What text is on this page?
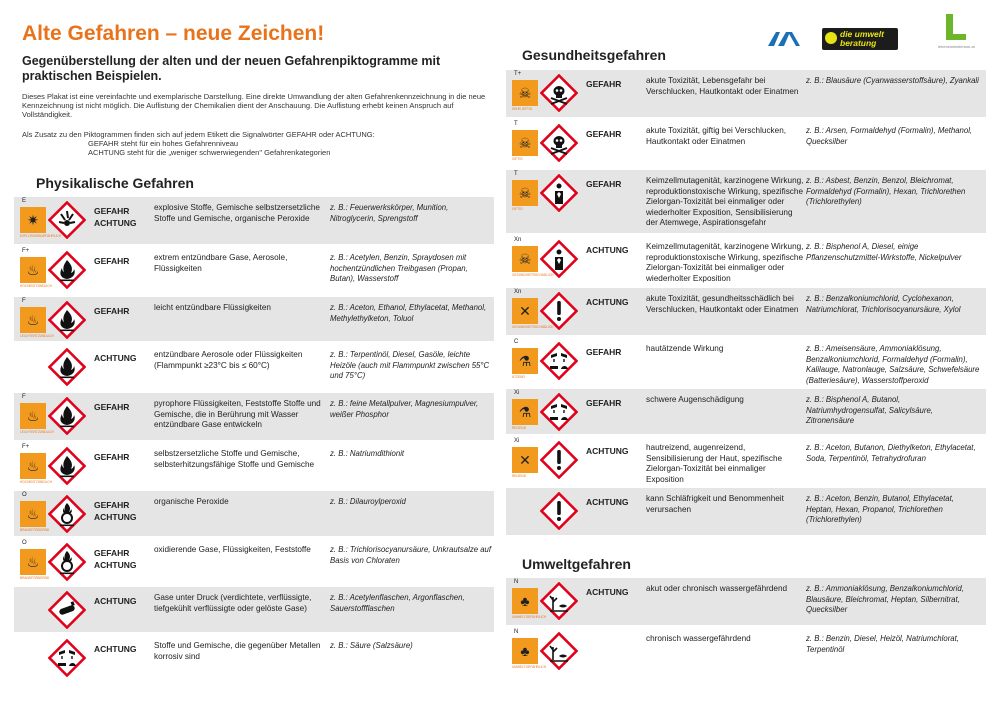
Alte Gefahren – neue Zeichen!
Gegenüberstellung der alten und der neuen Gefahrenpiktogramme mit praktischen Beispielen.
Dieses Plakat ist eine vereinfachte und exemplarische Darstellung. Eine direkte Umwandlung der alten Gefahrenkennzeichnung in die neue Kennzeichnung ist nicht möglich. Die Auflistung der Chemikalien dient der Anschauung. Die Auflistung erhebt keinen Anspruch auf Vollständigkeit.
Als Zusatz zu den Piktogrammen finden sich auf jedem Etikett die Signalwörter GEFAHR oder ACHTUNG:
GEFAHR steht für ein hohes Gefahrenniveau
ACHTUNG steht für die „weniger schwerwiegenden" Gefahrenkategorien
die umwelt beratung	lebensministerium.at
Physikalische Gefahren
Gesundheitsgefahren
Umweltgefahren
✷
E
EXPLOSIONSGEFÄHRLICH
GEFAHR
ACHTUNG
explosive Stoffe, Gemische selbstzersetzliche Stoffe und Gemische, organische Peroxide
z. B.: Feuerwerkskörper, Munition, Nitroglycerin, Sprengstoff
♨
F+
HOCHENTZÜNDLICH
GEFAHR	extrem entzündbare Gase, Aerosole, Flüssigkeiten
z. B.: Acetylen, Benzin, Spraydosen mit hochentzündlichen Treibgasen (Propan, Butan), Wasserstoff
♨
F
LEICHTENTZÜNDLICH
GEFAHR	leicht entzündbare Flüssigkeiten	z. B.: Aceton, Ethanol, Ethylacetat, Methanol, Methylethylketon, Toluol
ACHTUNG entzündbare Aerosole oder Flüssigkeiten (Flammpunkt ≥23°C bis ≤ 60°C)
z. B.: Terpentinöl, Diesel, Gasöle, leichte Heizöle (auch mit Flammpunkt zwischen 55°C und 75°C)
♨
F
LEICHTENTZÜNDLICH
GEFAHR	pyrophore Flüssigkeiten, Feststoffe Stoffe und Gemische, die in Berührung mit Wasser entzündbare Gase entwickeln
z. B.: feine Metallpulver, Magnesiumpulver, weißer Phosphor
♨
F+
HOCHENTZÜNDLICH
GEFAHR	selbstzersetzliche Stoffe und Gemische, selbsterhitzungsfähige Stoffe und Gemische
z. B.: Natriumdithionit
♨
O
BRANDFÖRDERND
GEFAHR
ACHTUNG
organische Peroxide	z. B.: Dilauroylperoxid
♨
O
BRANDFÖRDERND
GEFAHR
ACHTUNG
oxidierende Gase, Flüssigkeiten, Feststoffe	z. B.: Trichlorisocyanursäure, Unkrautsalze auf Basis von Chloraten
ACHTUNG Gase unter Druck (verdichtete, verflüssigte, tiefgekühlt verflüssigte oder gelöste Gase)
z. B.: Acetylenflaschen, Argonflaschen, Sauerstoffflaschen
ACHTUNG Stoffe und Gemische, die gegenüber Metallen korrosiv sind
z. B.: Säure (Salzsäure)
☠
T+
SEHR GIFTIG
GEFAHR	akute Toxizität, Lebensgefahr bei Verschlucken, Hautkontakt oder Einatmen
z. B.: Blausäure (Cyanwasserstoffsäure), Zyankali
☠
T
GIFTIG
GEFAHR	akute Toxizität, giftig bei Verschlucken, Hautkontakt oder Einatmen
z. B.: Arsen, Formaldehyd (Formalin), Methanol, Quecksilber
☠
T
GIFTIG
GEFAHR	Keimzellmutagenität, karzinogene Wirkung, reproduktionstoxische Wirkung, spezifische Zielorgan-Toxizität bei einmaliger oder wiederholter Exposition, Sensibilisierung der Atemwege, Aspirationsgefahr
z. B.: Asbest, Benzin, Benzol, Bleichromat, Formaldehyd (Formalin), Hexan, Trichlorethen (Trichlorethylen)
☠
Xn
GESUNDHEITSSCHÄDLICH
ACHTUNG Keimzellmutagenität, karzinogene Wirkung, reproduktionstoxische Wirkung, spezifische Zielorgan-Toxizität bei einmaliger oder wiederholter Exposition
z. B.: Bisphenol A, Diesel, einige Pflanzenschutzmittel-Wirkstoffe, Nickelpulver
✕
Xn
GESUNDHEITSSCHÄDLICH
ACHTUNG akute Toxizität, gesundheitsschädlich bei Verschlucken, Hautkontakt oder Einatmen
z. B.: Benzalkoniumchlorid, Cyclohexanon, Natriumchlorat, Trichlorisocyanursäure, Xylol
⚗
C
ÄTZEND
GEFAHR	hautätzende Wirkung	z. B.: Ameisensäure, Ammoniaklösung, Benzalkoniumchlorid, Formaldehyd (Formalin), Kalilauge, Natronlauge, Salzsäure, Schwefelsäure (Batteriesäure), Wasserstoffperoxid
⚗
Xi
REIZEND
GEFAHR	schwere Augenschädigung	z. B.: Bisphenol A, Butanol, Natriumhydrogensulfat, Salicylsäure, Zitronensäure
✕
Xi
REIZEND
ACHTUNG hautreizend, augenreizend, Sensibilisierung der Haut, spezifische Zielorgan-Toxizität bei einmaliger Exposition
z. B.: Aceton, Butanon, Diethylketon, Ethylacetat, Soda, Terpentinöl, Tetrahydrofuran
ACHTUNG kann Schläfrigkeit und Benommenheit verursachen
z. B.: Aceton, Benzin, Butanol, Ethylacetat, Heptan, Hexan, Propanol, Trichlorethen (Trichlorethylen)
♣
N
UMWELTGEFÄHRLICH
ACHTUNG akut oder chronisch wassergefährdend	z. B.: Ammoniaklösung, Benzalkoniumchlorid, Blausäure, Bleichromat, Heptan, Silbernitrat, Quecksilber
♣
N
UMWELTGEFÄHRLICH
chronisch wassergefährdend	z. B.: Benzin, Diesel, Heizöl, Natriumchlorat, Terpentinöl
